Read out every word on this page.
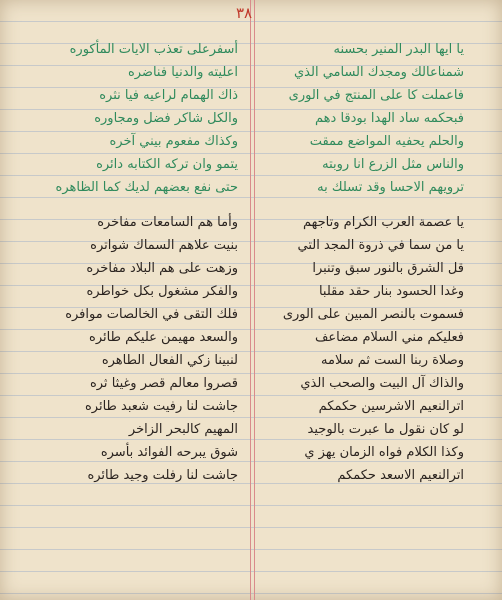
٣٨
يا ايها البدر المنير بحسنه
شمناعالك ومجدك السامي الذي
فاعملت كا على المنتج في الورى
فبحكمه ساد الهدا بودقا دهم
والحلم يحفيه المواضع ممقت
والناس مثل الزرع انا روبته
ترويهم الاحسا وقد تسلك به
يا عصمة العرب الكرام وتاجهم
يا من سما في ذروة المجد التي
قل الشرق بالنور سبق وتنبرا
وغدا الحسود بنار حقد مقلبا
فسموت بالنصر المبين على الورى
فعليكم مني السلام مضاعف
وصلاة ربنا الست ثم سلامه
والذاك آل البيت والصحب الذي
اترالنعيم الاشرسين حكمكم
لو كان نقول ما عبرت بالوجيد
وكذا الكلام فواه الزمان يهز ي
اترالنعيم الاسعد حكمكم
أسفرعلى تعذب الايات المأكوره
اعليته والدنيا فناضره
ذاك الهمام لراعيه فيا نثره
والكل شاكر فضل ومجاوره
وكذاك مفعوم بيني آخره
يتمو وان تركه الكتابه دائره
حتى نفع بعضهم لديك كما الظاهره
وأما هم السامعات مفاخره
بنيت علاهم السماك شواتره
وزهت على هم البلاد مفاخره
والفكر مشغول بكل خواطره
فلك التقى في الخالصات موافره
والسعد مهيمن عليكم طائره
لنبينا زكي الفعال الطاهره
قصروا معالم قصر وغيثا ثره
جاشت لنا رفيت شعبد طائره
المهيم كالبحر الزاخر
شوق يبرحه الفوائد بأسره
جاشت لنا رفلت وجيد طائره
